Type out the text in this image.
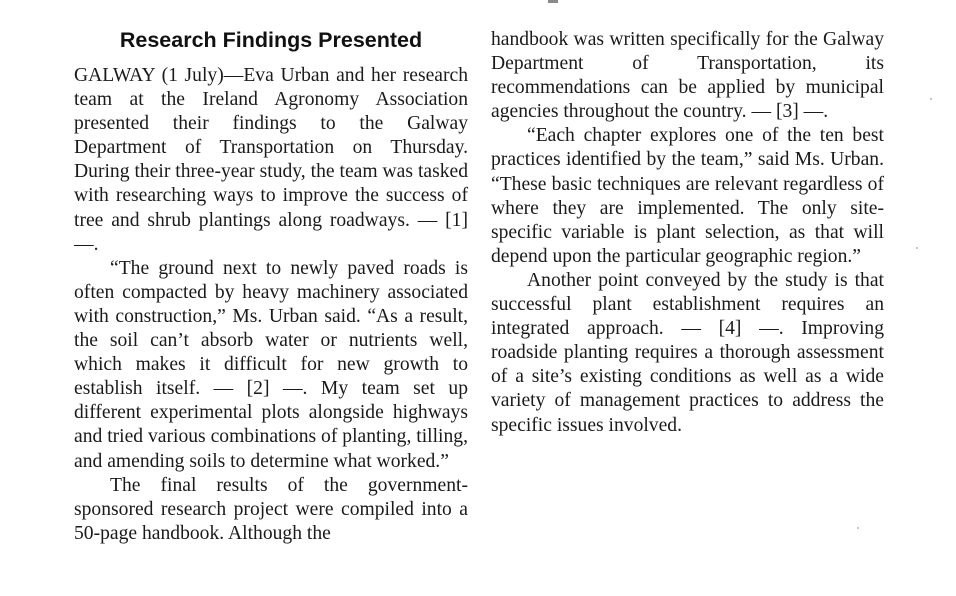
Research Findings Presented

GALWAY (1 July)—Eva Urban and her research team at the Ireland Agronomy Association presented their findings to the Galway Department of Transportation on Thursday. During their three-year study, the team was tasked with researching ways to improve the success of tree and shrub plantings along roadways. — [1] —.

“The ground next to newly paved roads is often compacted by heavy machinery associated with construction,” Ms. Urban said. “As a result, the soil can’t absorb water or nutrients well, which makes it difficult for new growth to establish itself. — [2] —. My team set up different experimental plots alongside highways and tried various combinations of planting, tilling, and amending soils to determine what worked.”

The final results of the government-sponsored research project were compiled into a 50-page handbook. Although the

handbook was written specifically for the Galway Department of Transportation, its recommendations can be applied by municipal agencies throughout the country. — [3] —.

“Each chapter explores one of the ten best practices identified by the team,” said Ms. Urban. “These basic techniques are relevant regardless of where they are implemented. The only site-specific variable is plant selection, as that will depend upon the particular geographic region.”

Another point conveyed by the study is that successful plant establishment requires an integrated approach. — [4] —. Improving roadside planting requires a thorough assessment of a site’s existing conditions as well as a wide variety of management practices to address the specific issues involved.
